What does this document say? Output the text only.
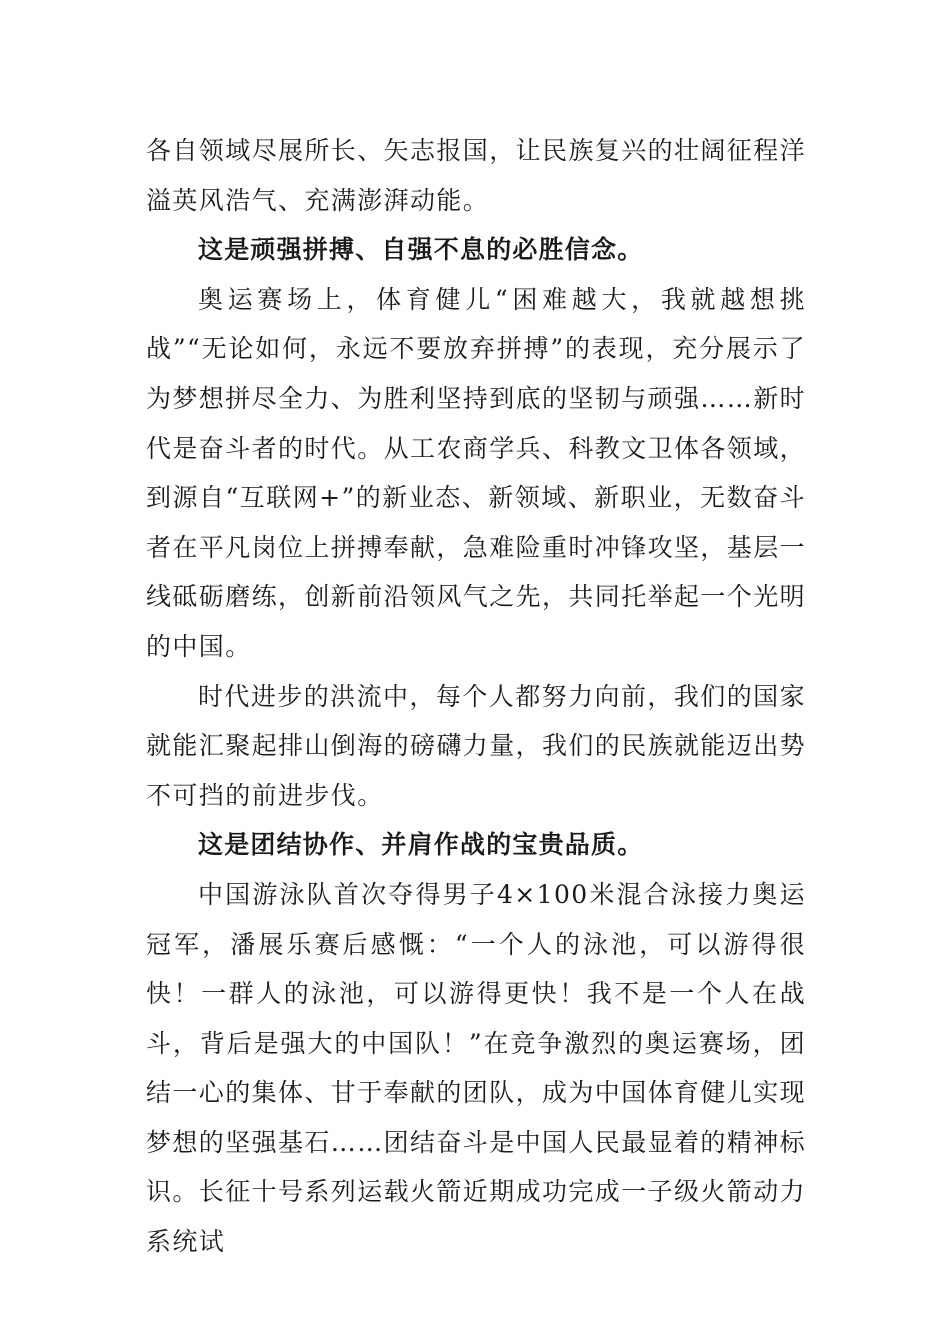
各自领域尽展所长、矢志报国，让民族复兴的壮阔征程洋溢英风浩气、充满澎湃动能。

这是顽强拼搏、自强不息的必胜信念。

奥运赛场上，体育健儿“困难越大，我就越想挑战”“无论如何，永远不要放弃拼搏”的表现，充分展示了为梦想拼尽全力、为胜利坚持到底的坚韧与顽强……新时代是奋斗者的时代。从工农商学兵、科教文卫体各领域，到源自“互联网+”的新业态、新领域、新职业，无数奋斗者在平凡岗位上拼搏奉献，急难险重时冲锋攻坚，基层一线砥砺磨练，创新前沿领风气之先，共同托举起一个光明的中国。

时代进步的洪流中，每个人都努力向前，我们的国家就能汇聚起排山倒海的磅礴力量，我们的民族就能迈出势不可挡的前进步伐。

这是团结协作、并肩作战的宝贵品质。

中国游泳队首次夺得男子4×100米混合泳接力奥运冠军，潘展乐赛后感慨：“一个人的泳池，可以游得很快！一群人的泳池，可以游得更快！我不是一个人在战斗，背后是强大的中国队！”在竞争激烈的奥运赛场，团结一心的集体、甘于奉献的团队，成为中国体育健儿实现梦想的坚强基石……团结奋斗是中国人民最显着的精神标识。长征十号系列运载火箭近期成功完成一子级火箭动力系统试
